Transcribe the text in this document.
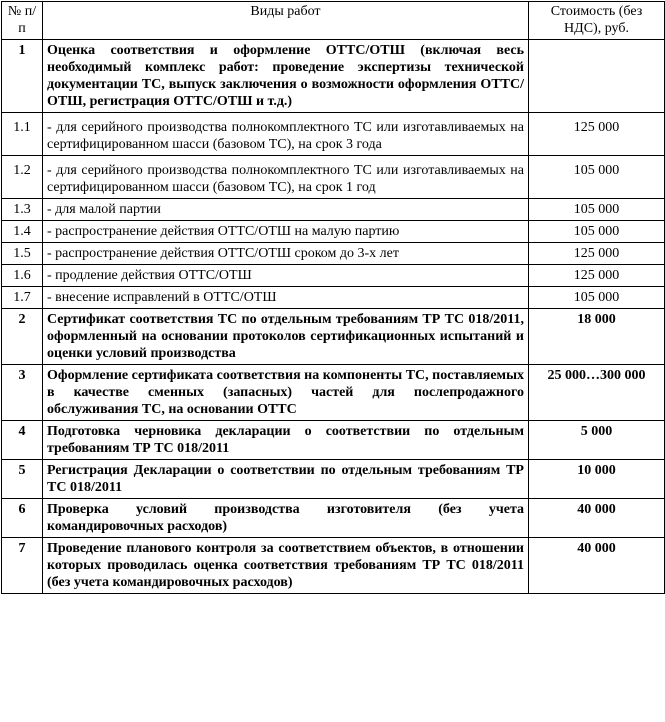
№ п/п	Виды работ	Стоимость (без НДС), руб.
1	Оценка соответствия и оформление ОТТС/ОТШ (включая весь необходимый комплекс работ: проведение экспертизы технической документации ТС, выпуск заключения о возможности оформления ОТТС/ОТШ, регистрация ОТТС/ОТШ и т.д.)	
1.1	- для серийного производства полнокомплектного ТС или изготавливаемых на сертифицированном шасси (базовом ТС), на срок 3 года	125 000
1.2	- для серийного производства полнокомплектного ТС или изготавливаемых на сертифицированном шасси (базовом ТС), на срок 1 год	105 000
1.3	- для малой партии	105 000
1.4	- распространение действия ОТТС/ОТШ на малую партию	105 000
1.5	- распространение действия ОТТС/ОТШ сроком до 3-х лет	125 000
1.6	- продление действия ОТТС/ОТШ	125 000
1.7	- внесение исправлений в ОТТС/ОТШ	105 000
2	Сертификат соответствия ТС по отдельным требованиям ТР ТС 018/2011, оформленный на основании протоколов сертификационных испытаний и оценки условий производства	18 000
3	Оформление сертификата соответствия на компоненты ТС, поставляемых в качестве сменных (запасных) частей для послепродажного обслуживания ТС, на основании ОТТС	25 000…300 000
4	Подготовка черновика декларации о соответствии по отдельным требованиям ТР ТС 018/2011	5 000
5	Регистрация Декларации о соответствии по отдельным требованиям ТР ТС 018/2011	10 000
6	Проверка условий производства изготовителя (без учета командировочных расходов)	40 000
7	Проведение планового контроля за соответствием объектов, в отношении которых проводилась оценка соответствия требованиям ТР ТС 018/2011 (без учета командировочных расходов)	40 000
